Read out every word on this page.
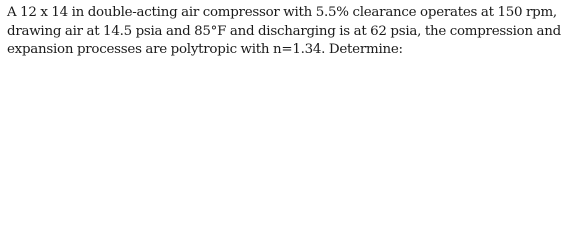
A 12 x 14 in double-acting air compressor with 5.5% clearance operates at 150 rpm,
drawing air at 14.5 psia and 85°F and discharging is at 62 psia, the compression and
expansion processes are polytropic with n=1.34. Determine:
